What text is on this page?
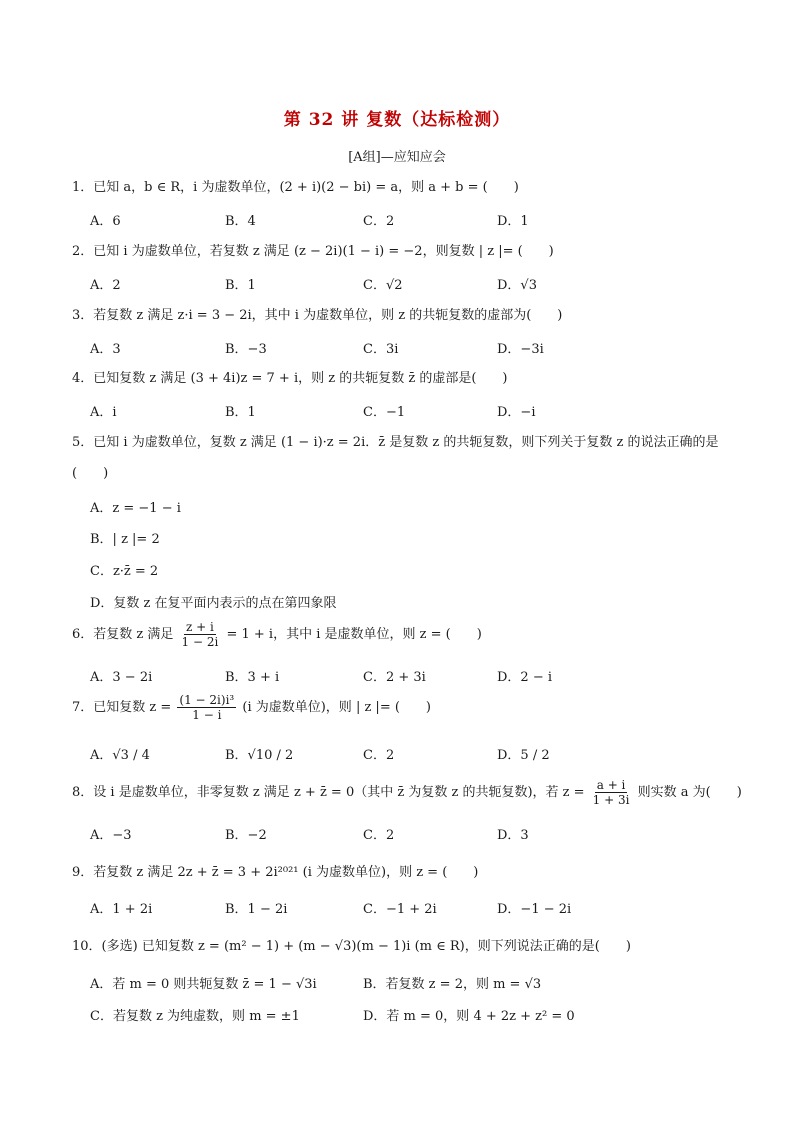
第 32 讲 复数（达标检测）
[A组]—应知应会
1．已知 a，b ∈ R，i 为虚数单位，(2 + i)(2 − bi) = a，则 a + b = (　　)
A．6	B．4	C．2	D．1
2．已知 i 为虚数单位，若复数 z 满足 (z − 2i)(1 − i) = −2，则复数 | z |= (　　)
A．2	B．1	C．√2	D．√3
3．若复数 z 满足 z·i = 3 − 2i，其中 i 为虚数单位，则 z 的共轭复数的虚部为(　　)
A．3	B．−3	C．3i	D．−3i
4．已知复数 z 满足 (3 + 4i)z = 7 + i，则 z 的共轭复数 z̄ 的虚部是(　　)
A．i	B．1	C．−1	D．−i
5．已知 i 为虚数单位，复数 z 满足 (1 − i)·z = 2i．z̄ 是复数 z 的共轭复数，则下列关于复数 z 的说法正确的是
(　　)
A．z = −1 − i
B．| z |= 2
C．z·z̄ = 2
D．复数 z 在复平面内表示的点在第四象限
6．若复数 z 满足 $\frac{z + i}{1 - 2i} = 1 + i$，其中 i 是虚数单位，则 z = (　　)
A．3 − 2i	B．3 + i	C．2 + 3i	D．2 − i
7．已知复数 $z = \frac{\text{(1 − 2i)i³}}{1 - i} (i$ 为虚数单位)，则 | z |= (　　)
A．√3 / 4	B．√10 / 2	C．2	D．5 / 2
8．设 i 是虚数单位，非零复数 z 满足 z + z̄ = 0（其中 z̄ 为复数 z 的共轭复数)，若 $z = \frac{a + i}{1 + 3i}$ 则实数 a 为(　　)
A．−3	B．−2	C．2	D．3
9．若复数 z 满足 2z + z̄ = 3 + 2i²⁰²¹ (i 为虚数单位)，则 z = (　　)
A．1 + 2i	B．1 − 2i	C．−1 + 2i	D．−1 − 2i
10．(多选) 已知复数 z = (m² − 1) + (m − √3)(m − 1)i (m ∈ R)，则下列说法正确的是(　　)
A．若 m = 0 则共轭复数 z̄ = 1 − √3i	B．若复数 z = 2，则 m = √3
C．若复数 z 为纯虚数，则 m = ±1	D．若 m = 0，则 4 + 2z + z² = 0
